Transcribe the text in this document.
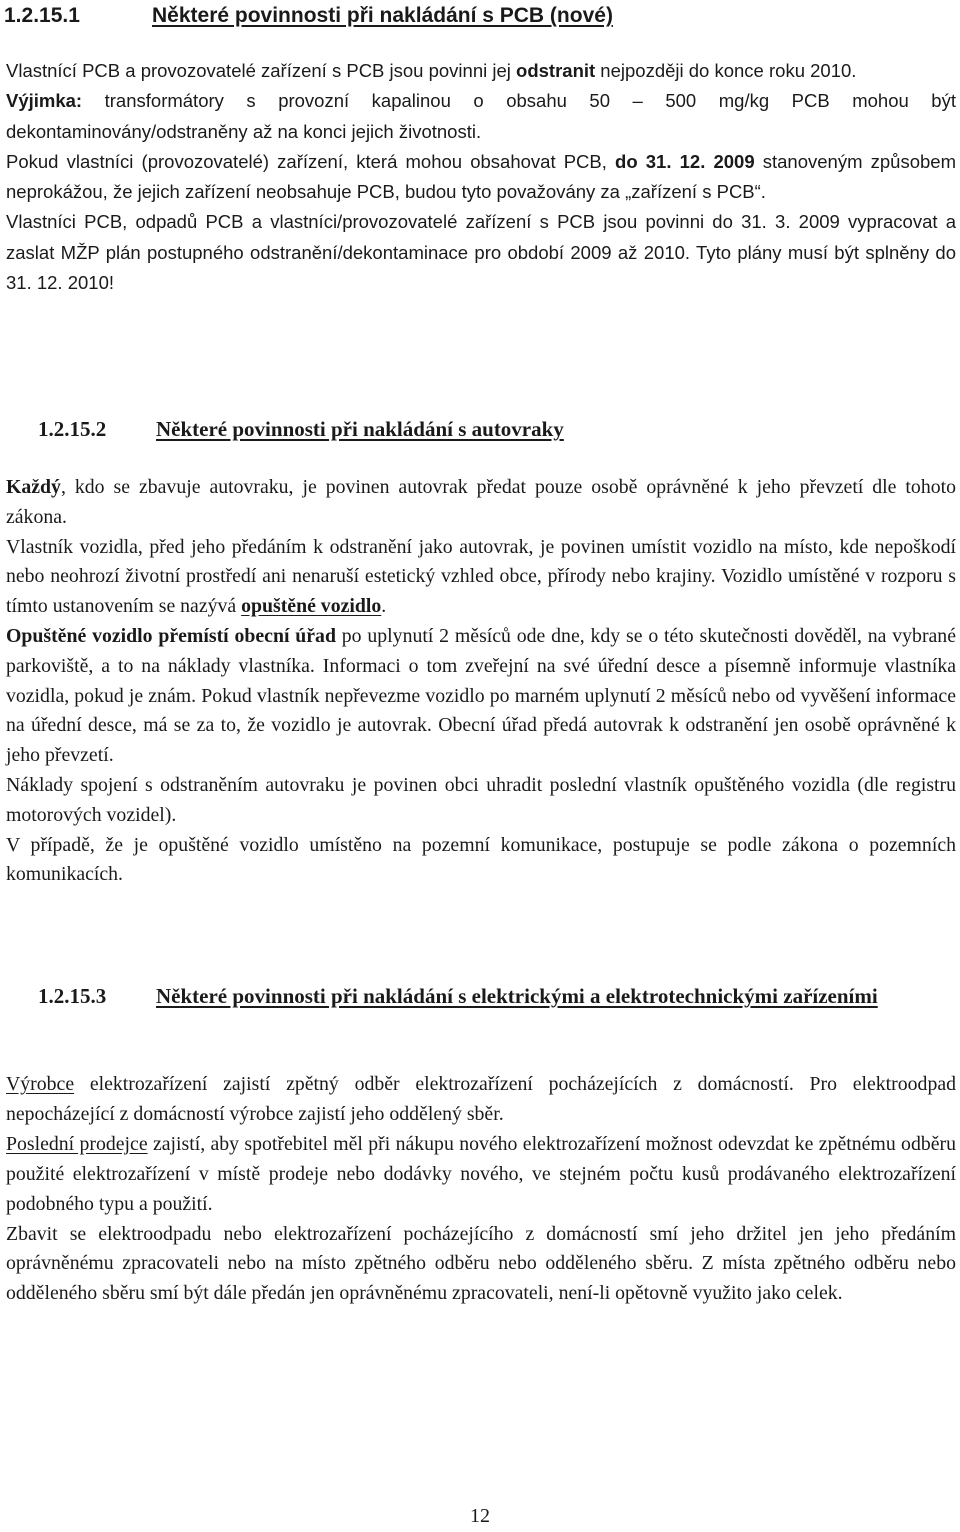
1.2.15.1	Některé povinnosti při nakládání s PCB (nové)

Vlastnící PCB a provozovatelé zařízení s PCB jsou povinni jej odstranit nejpozději do konce roku 2010.

Výjimka: transformátory s provozní kapalinou o obsahu 50 – 500 mg/kg PCB mohou být dekontaminovány/odstraněny až na konci jejich životnosti.

Pokud vlastníci (provozovatelé) zařízení, která mohou obsahovat PCB, do 31. 12. 2009 stanoveným způsobem neprokážou, že jejich zařízení neobsahuje PCB, budou tyto považovány za „zařízení s PCB“.

Vlastníci PCB, odpadů PCB a vlastníci/provozovatelé zařízení s PCB jsou povinni do 31. 3. 2009 vypracovat a zaslat MŽP plán postupného odstranění/dekontaminace pro období 2009 až 2010. Tyto plány musí být splněny do 31. 12. 2010!

1.2.15.2 Některé povinnosti při nakládání s autovraky

Každý, kdo se zbavuje autovraku, je povinen autovrak předat pouze osobě oprávněné k jeho převzetí dle tohoto zákona.

Vlastník vozidla, před jeho předáním k odstranění jako autovrak, je povinen umístit vozidlo na místo, kde nepoškodí nebo neohrozí životní prostředí ani nenaruší estetický vzhled obce, přírody nebo krajiny. Vozidlo umístěné v rozporu s tímto ustanovením se nazývá opuštěné vozidlo.

Opuštěné vozidlo přemístí obecní úřad po uplynutí 2 měsíců ode dne, kdy se o této skutečnosti dověděl, na vybrané parkoviště, a to na náklady vlastníka. Informaci o tom zveřejní na své úřední desce a písemně informuje vlastníka vozidla, pokud je znám. Pokud vlastník nepřevezme vozidlo po marném uplynutí 2 měsíců nebo od vyvěšení informace na úřední desce, má se za to, že vozidlo je autovrak. Obecní úřad předá autovrak k odstranění jen osobě oprávněné k jeho převzetí.

Náklady spojení s odstraněním autovraku je povinen obci uhradit poslední vlastník opuštěného vozidla (dle registru motorových vozidel).

V případě, že je opuštěné vozidlo umístěno na pozemní komunikace, postupuje se podle zákona o pozemních komunikacích.

1.2.15.3 Některé povinnosti při nakládání s elektrickými a elektrotechnickými zařízeními

Výrobce elektrozařízení zajistí zpětný odběr elektrozařízení pocházejících z domácností. Pro elektroodpad nepocházející z domácností výrobce zajistí jeho oddělený sběr.

Poslední prodejce zajistí, aby spotřebitel měl při nákupu nového elektrozařízení možnost odevzdat ke zpětnému odběru použité elektrozařízení v místě prodeje nebo dodávky nového, ve stejném počtu kusů prodávaného elektrozařízení podobného typu a použití.

Zbavit se elektroodpadu nebo elektrozařízení pocházejícího z domácností smí jeho držitel jen jeho předáním oprávněnému zpracovateli nebo na místo zpětného odběru nebo odděleného sběru. Z místa zpětného odběru nebo odděleného sběru smí být dále předán jen oprávněnému zpracovateli, není-li opětovně využito jako celek.

12
